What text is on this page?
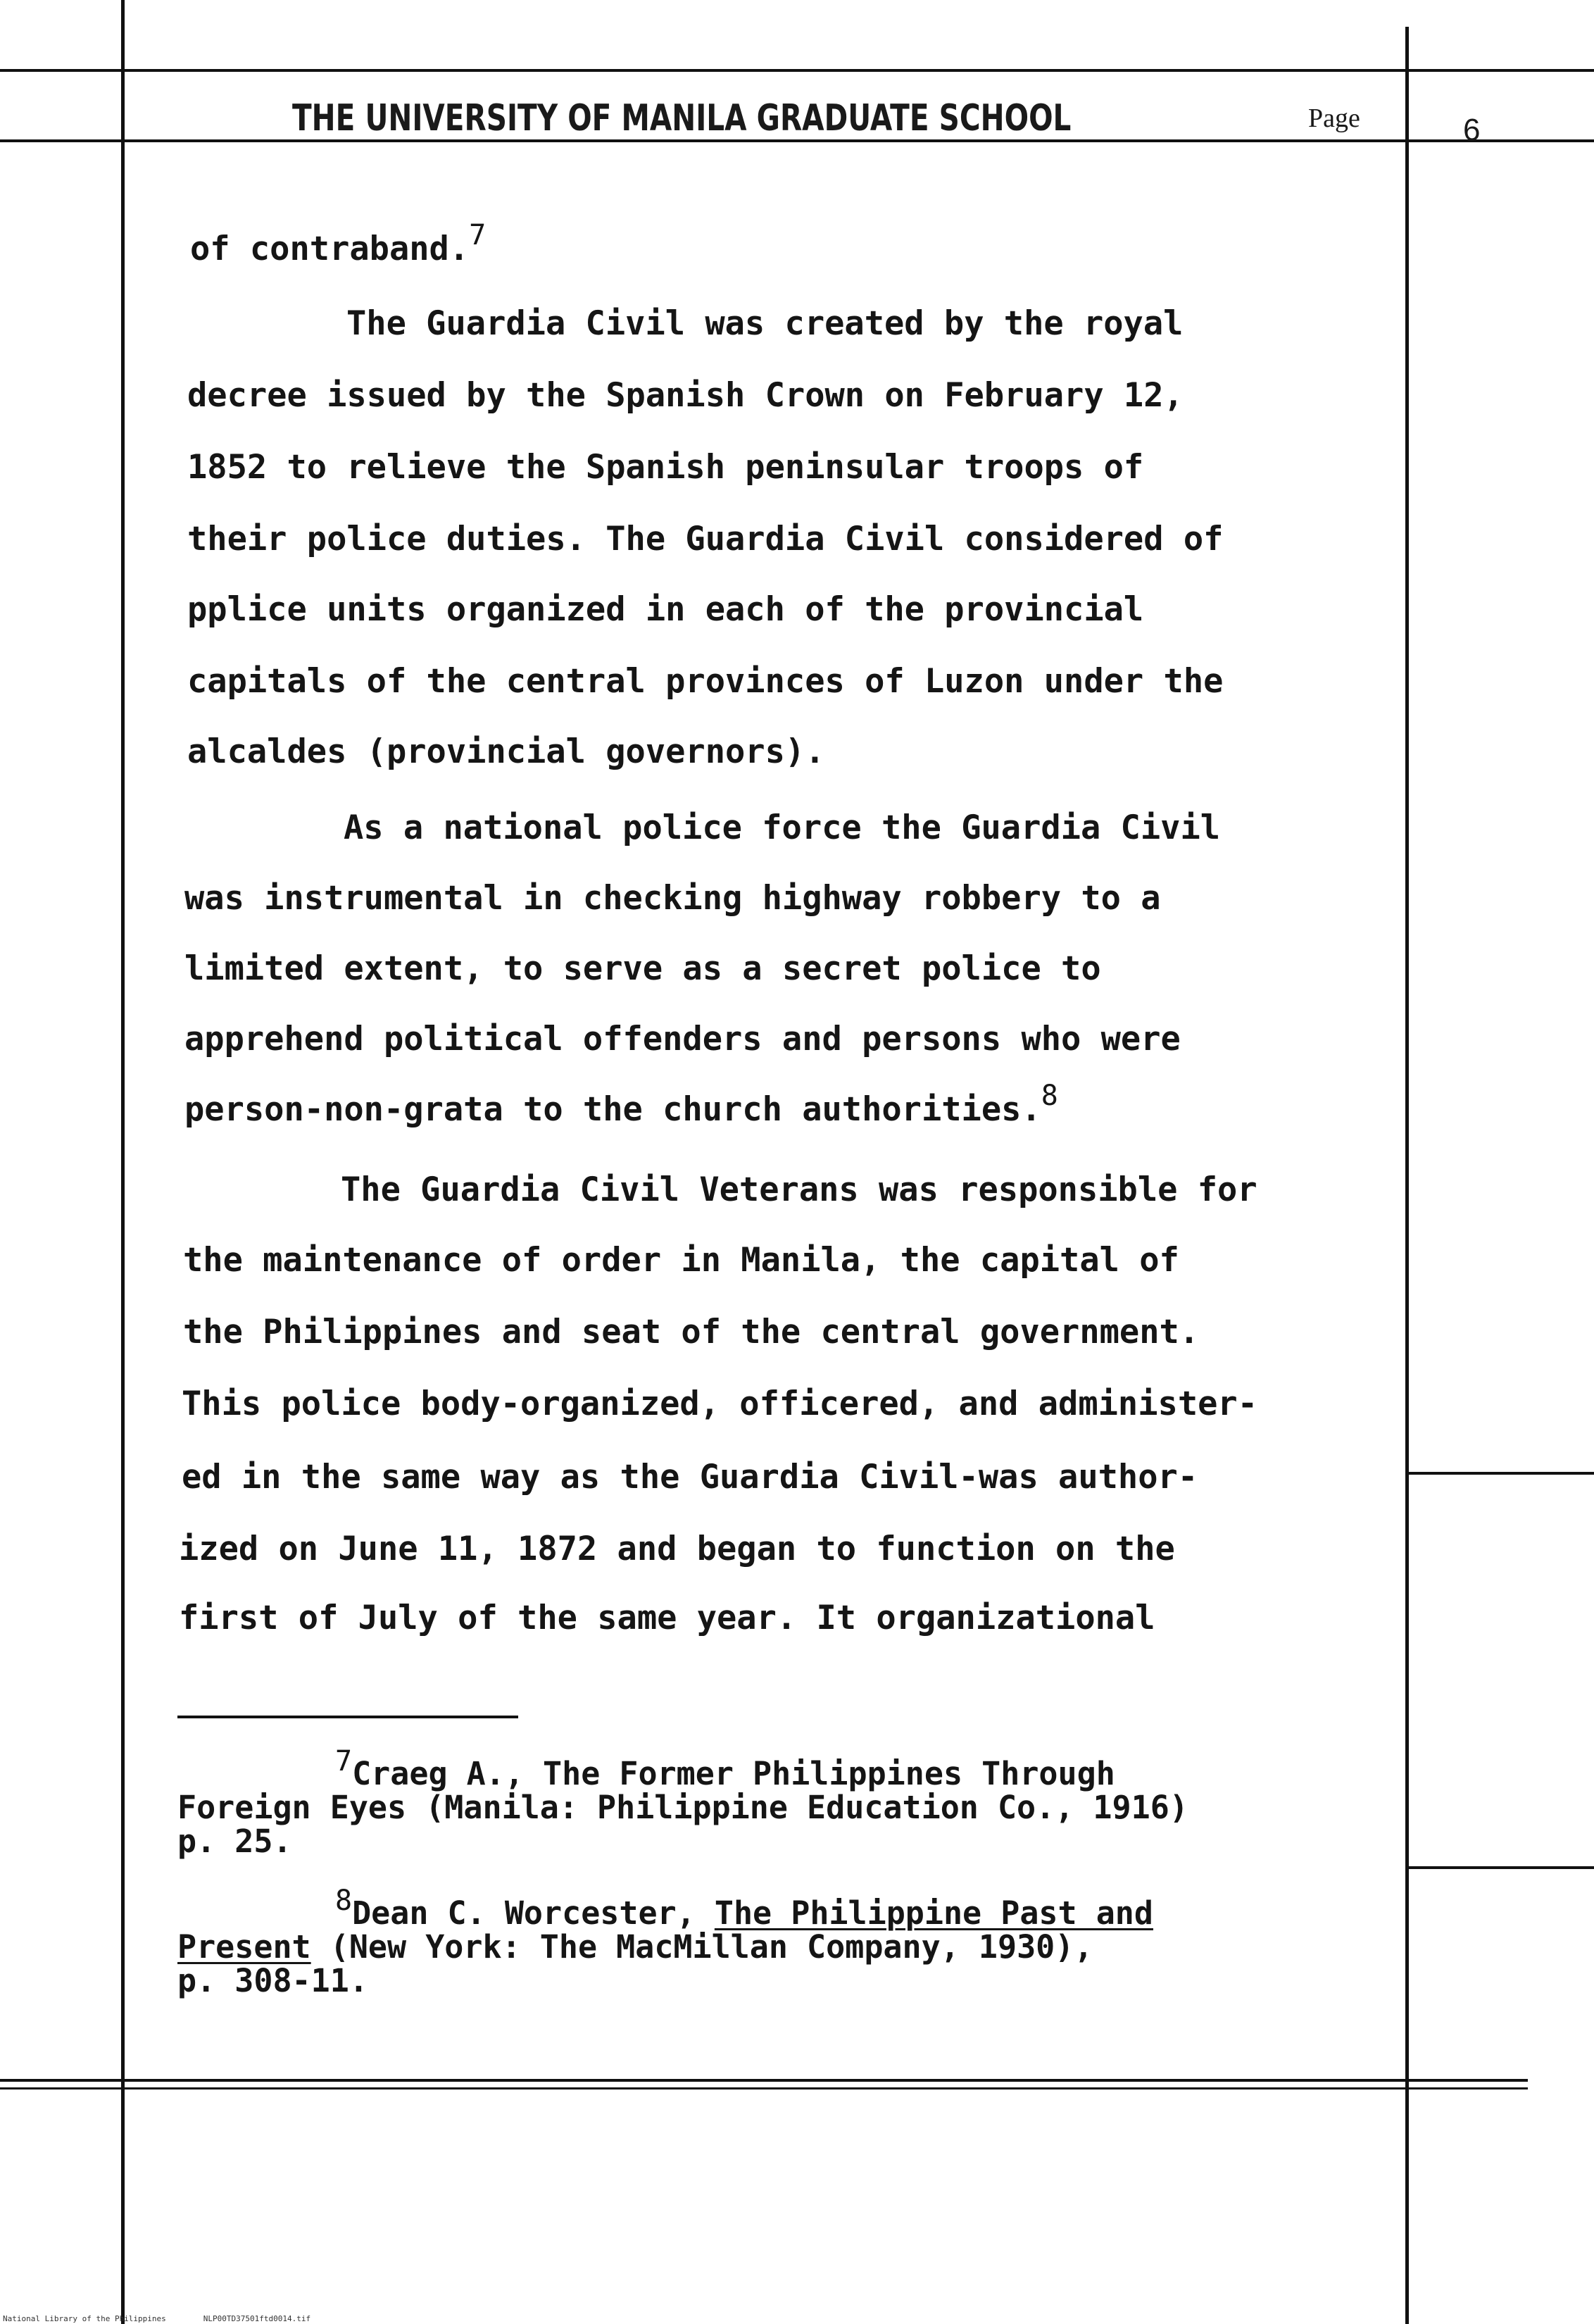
THE UNIVERSITY OF MANILA GRADUATE SCHOOL	Page	6
of contraband.7
The Guardia Civil was created by the royal
decree issued by the Spanish Crown on February 12,
1852 to relieve the Spanish peninsular troops of
their police duties. The Guardia Civil considered of
pplice units organized in each of the provincial
capitals of the central provinces of Luzon under the
alcaldes (provincial governors).
As a national police force the Guardia Civil
was instrumental in checking highway robbery to a
limited extent, to serve as a secret police to
apprehend political offenders and persons who were
person-non-grata to the church authorities.8
The Guardia Civil Veterans was responsible for
the maintenance of order in Manila, the capital of
the Philippines and seat of the central government.
This police body-organized, officered, and administer-
ed in the same way as the Guardia Civil-was author-
ized on June 11, 1872 and began to function on the
first of July of the same year. It organizational
7Craeg A., The Former Philippines Through
Foreign Eyes (Manila: Philippine Education Co., 1916)
p. 25.
8Dean C. Worcester, The Philippine Past and
Present (New York: The MacMillan Company, 1930),
p. 308-11.
National Library of the Philippines	NLP00TD37501ftd0014.tif
